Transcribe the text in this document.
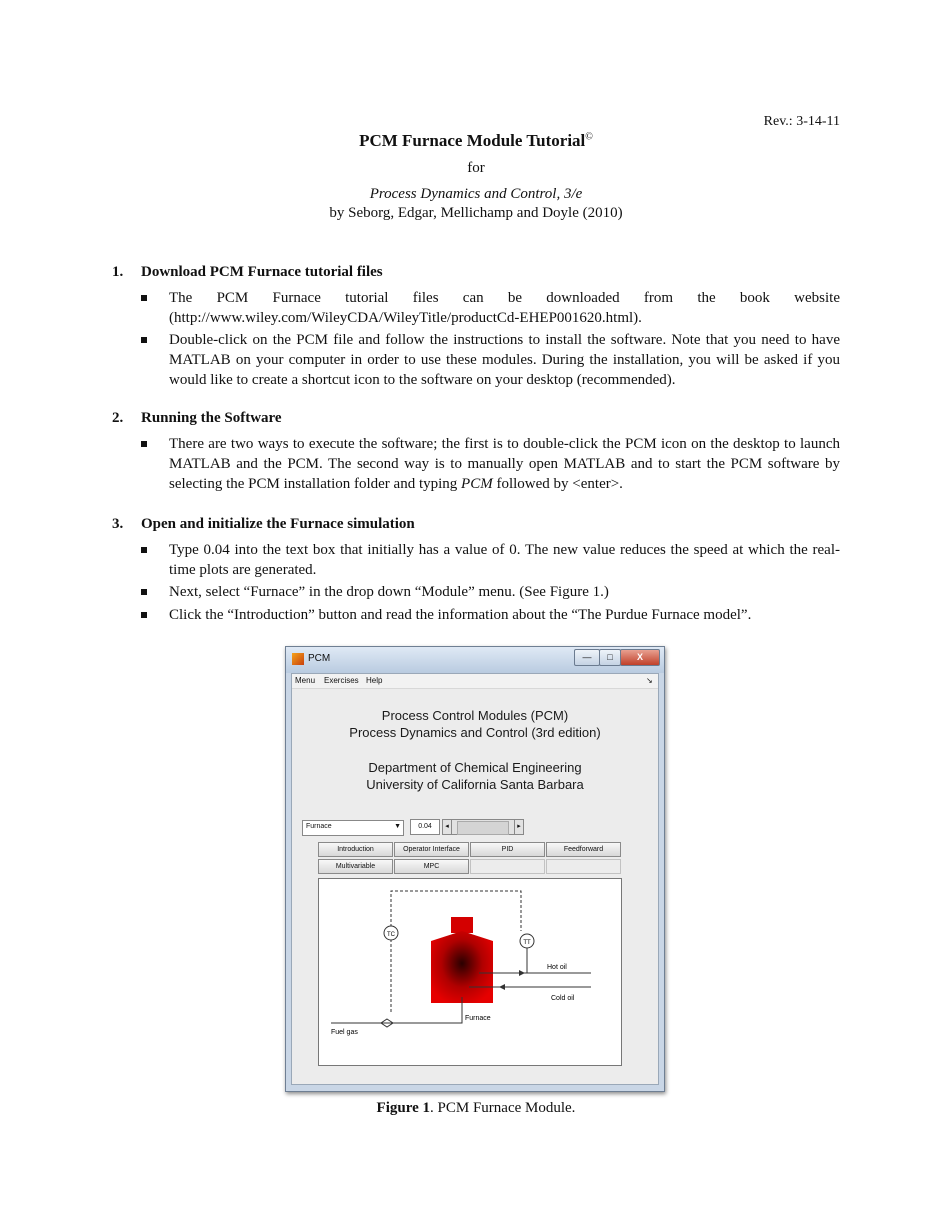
Rev.: 3-14-11
PCM Furnace Module Tutorial©
for
Process Dynamics and Control, 3/e
by Seborg, Edgar, Mellichamp and Doyle (2010)
1. Download PCM Furnace tutorial files
The PCM Furnace tutorial files can be downloaded from the book website
(http://www.wiley.com/WileyCDA/WileyTitle/productCd-EHEP001620.html).
Double-click on the PCM file and follow the instructions to install the software. Note that you need to have MATLAB on your computer in order to use these modules. During the installation, you will be asked if you would like to create a shortcut icon to the software on your desktop (recommended).
2. Running the Software
There are two ways to execute the software; the first is to double-click the PCM icon on the desktop to launch MATLAB and the PCM. The second way is to manually open MATLAB and to start the PCM software by selecting the PCM installation folder and typing PCM followed by <enter>.
3. Open and initialize the Furnace simulation
Type 0.04 into the text box that initially has a value of 0. The new value reduces the speed at which the real-time plots are generated.
Next, select “Furnace” in the drop down “Module” menu. (See Figure 1.)
Click the “Introduction” button and read the information about the “The Purdue Furnace model”.
PCM	—	□	X
Menu Exercises Help	↘
Process Control Modules (PCM)
Process Dynamics and Control (3rd edition)
Department of Chemical Engineering
University of California Santa Barbara
Furnace	▼	0.04	◂	▸
Introduction	Operator Interface	PID	Feedforward
Multivariable	MPC
TC
TT
Hot oil
Cold oil
Furnace
Fuel gas
Figure 1. PCM Furnace Module.
